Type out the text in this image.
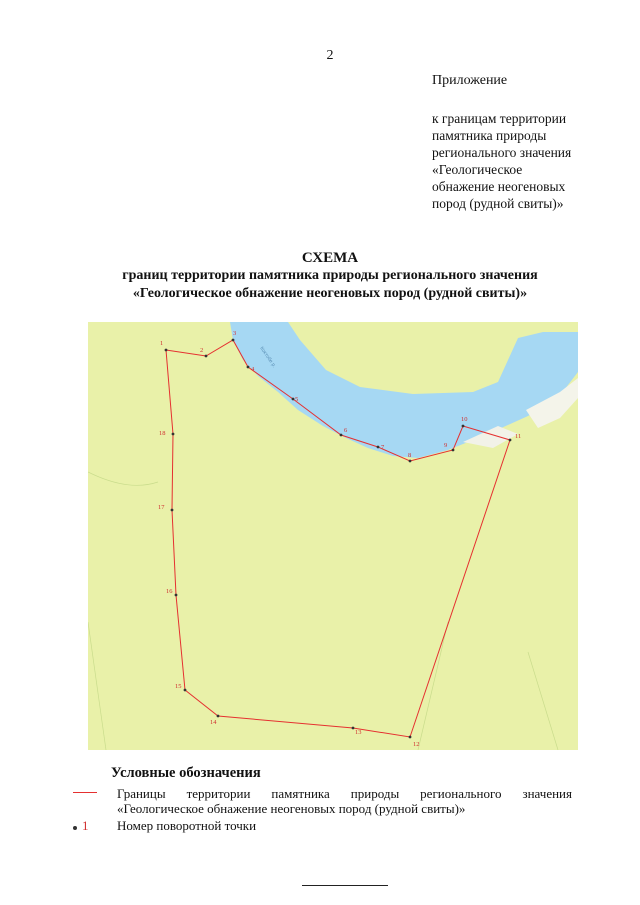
2
Приложение
к границам территории
памятника природы
регионального значения
«Геологическое
обнажение неогеновых
пород (рудной свиты)»
СХЕМА
границ территории памятника природы регионального значения
«Геологическое обнажение неогеновых пород (рудной свиты)»
Коктобе р.
1
2
3
4
5
6
7
8
9
10
11
12
13
14
15
16
17
18
Условные обозначения
Границы территории памятника природы регионального значения
«Геологическое обнажение неогеновых пород (рудной свиты)»
1 Номер поворотной точки
